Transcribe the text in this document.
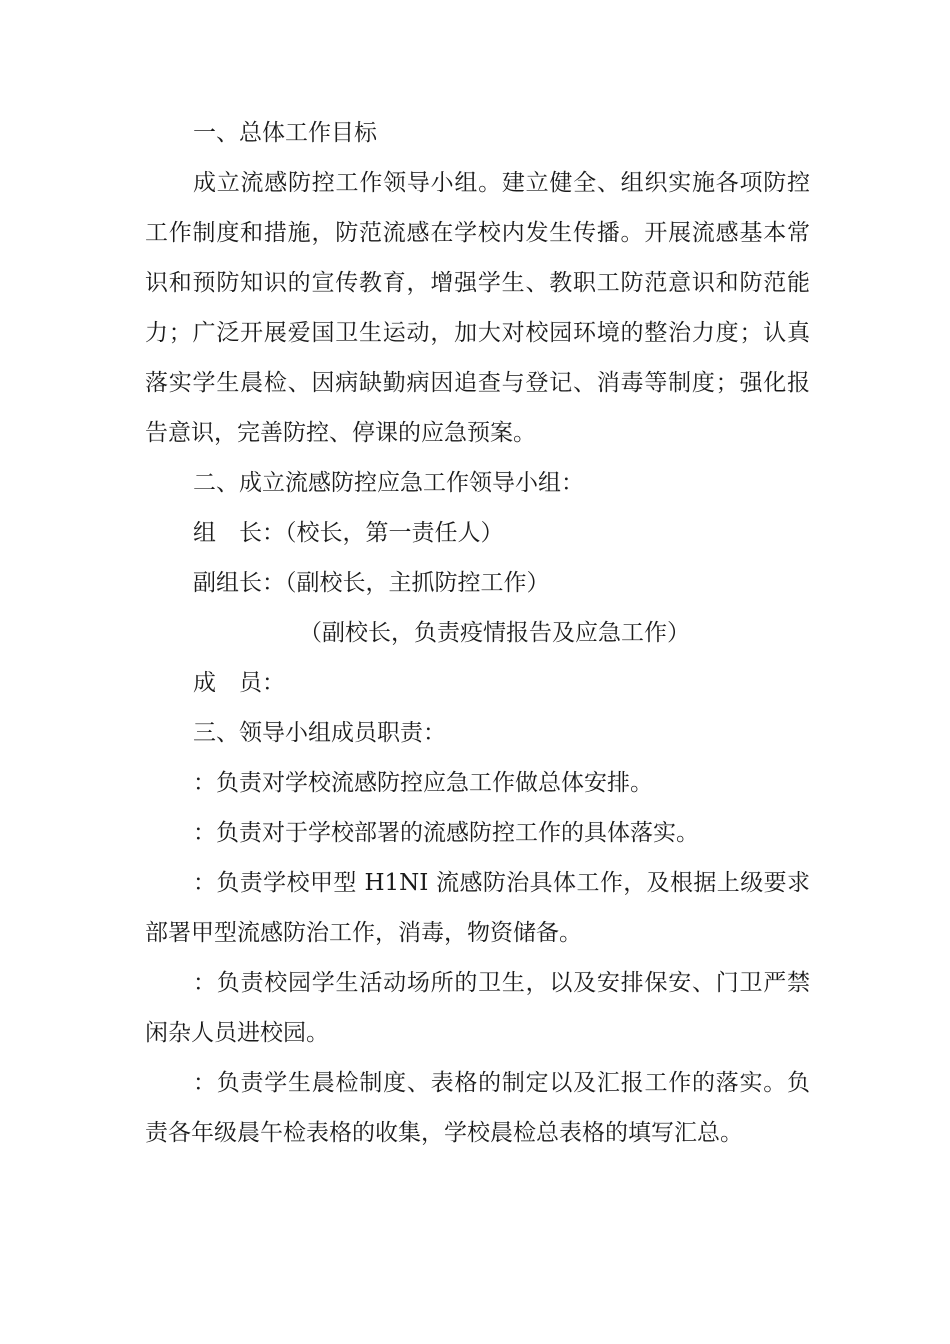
一、总体工作目标

成立流感防控工作领导小组。建立健全、组织实施各项防控工作制度和措施，防范流感在学校内发生传播。开展流感基本常识和预防知识的宣传教育，增强学生、教职工防范意识和防范能力；广泛开展爱国卫生运动，加大对校园环境的整治力度；认真落实学生晨检、因病缺勤病因追查与登记、消毒等制度；强化报告意识，完善防控、停课的应急预案。

二、成立流感防控应急工作领导小组：

组　长：（校长，第一责任人）

副组长：（副校长，主抓防控工作）

（副校长，负责疫情报告及应急工作）

成　员：

三、领导小组成员职责：

：负责对学校流感防控应急工作做总体安排。

：负责对于学校部署的流感防控工作的具体落实。

：负责学校甲型 H1NI 流感防治具体工作，及根据上级要求部署甲型流感防治工作，消毒，物资储备。

：负责校园学生活动场所的卫生，以及安排保安、门卫严禁闲杂人员进校园。

：负责学生晨检制度、表格的制定以及汇报工作的落实。负责各年级晨午检表格的收集，学校晨检总表格的填写汇总。
